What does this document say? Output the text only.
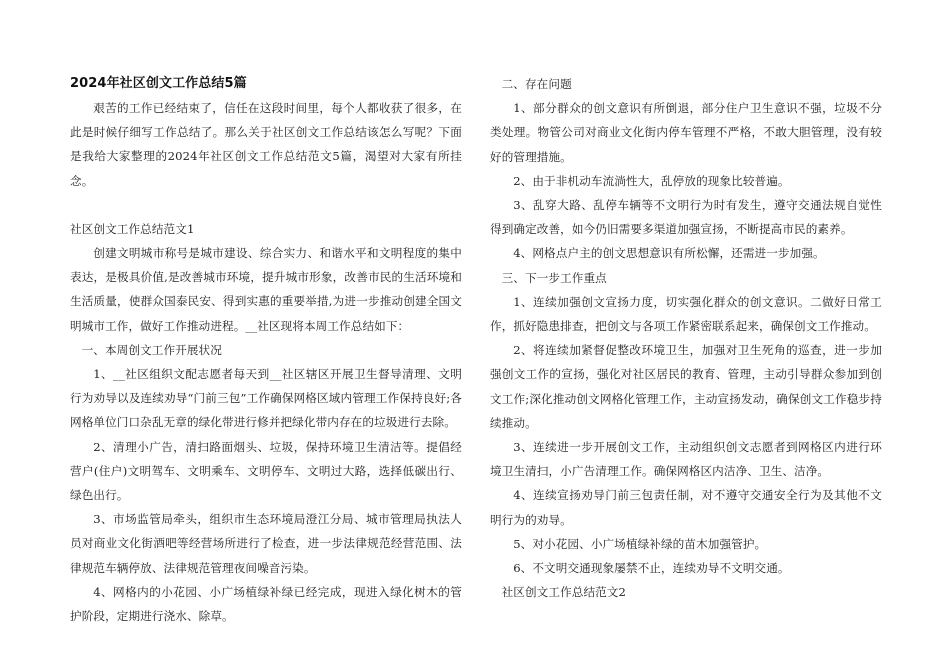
2024年社区创文工作总结5篇

艰苦的工作已经结束了，信任在这段时间里，每个人都收获了很多，在此是时候仔细写工作总结了。那么关于社区创文工作总结该怎么写呢？下面是我给大家整理的2024年社区创文工作总结范文5篇，渴望对大家有所挂念。

社区创文工作总结范文1

创建文明城市称号是城市建设、综合实力、和谐水平和文明程度的集中表达，是极具价值,是改善城市环境，提升城市形象，改善市民的生活环境和生活质量，使群众国泰民安、得到实惠的重要举措,为进一步推动创建全国文明城市工作，做好工作推动进程。__社区现将本周工作总结如下：

一、本周创文工作开展状况

1、__社区组织文配志愿者每天到__社区辖区开展卫生督导清理、文明行为劝导以及连续劝导“门前三包”工作确保网格区域内管理工作保持良好;各网格单位门口杂乱无章的绿化带进行修并把绿化带内存在的垃圾进行去除。

2、清理小广告，清扫路面烟头、垃圾，保持环境卫生清洁等。提倡经营户(住户)文明驾车、文明乘车、文明停车、文明过大路，选择低碳出行、绿色出行。

3、市场监管局牵头，组织市生态环境局澄江分局、城市管理局执法人员对商业文化街酒吧等经营场所进行了检查，进一步法律规范经营范围、法律规范车辆停放、法律规范管理夜间噪音污染。

4、网格内的小花园、小广场植绿补绿已经完成，现进入绿化树木的管护阶段，定期进行浇水、除草。

二、存在问题

1、部分群众的创文意识有所倒退，部分住户卫生意识不强，垃圾不分类处理。物管公司对商业文化街内停车管理不严格，不敢大胆管理，没有较好的管理措施。

2、由于非机动车流淌性大，乱停放的现象比较普遍。

3、乱穿大路、乱停车辆等不文明行为时有发生，遵守交通法规自觉性得到确定改善，如今仍旧需要多渠道加强宣扬，不断提高市民的素养。

4、网格点户主的创文思想意识有所松懈，还需进一步加强。

三、下一步工作重点

1、连续加强创文宣扬力度，切实强化群众的创文意识。二做好日常工作，抓好隐患排查，把创文与各项工作紧密联系起来，确保创文工作推动。

2、将连续加紧督促整改环境卫生，加强对卫生死角的巡查，进一步加强创文工作的宣扬，强化对社区居民的教育、管理，主动引导群众参加到创文工作;深化推动创文网格化管理工作，主动宣扬发动，确保创文工作稳步持续推动。

3、连续进一步开展创文工作，主动组织创文志愿者到网格区内进行环境卫生清扫，小广告清理工作。确保网格区内洁净、卫生、洁净。

4、连续宣扬劝导门前三包责任制，对不遵守交通安全行为及其他不文明行为的劝导。

5、对小花园、小广场植绿补绿的苗木加强管护。

6、不文明交通现象屡禁不止，连续劝导不文明交通。

社区创文工作总结范文2
